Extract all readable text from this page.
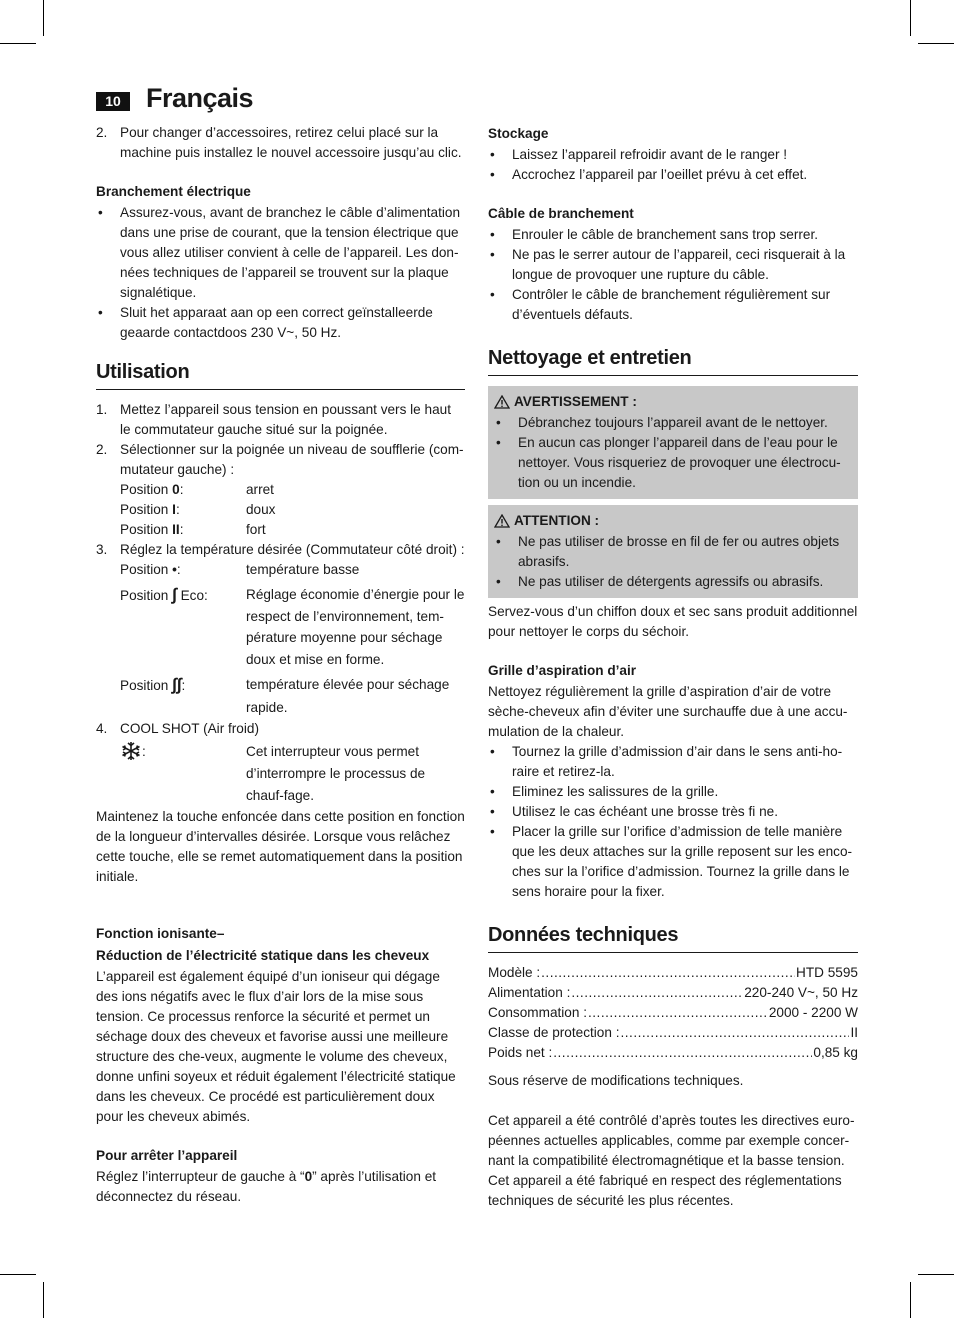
10 Français
2. Pour changer d’accessoires, retirez celui placé sur la machine puis installez le nouvel accessoire jusqu’au clic.

Branchement électrique

• Assurez-vous, avant de branchez le câble d’alimentation dans une prise de courant, que la tension électrique que vous allez utiliser convient à celle de l’appareil. Les don-nées techniques de l’appareil se trouvent sur la plaque signalétique.
• Sluit het apparaat aan op een correct geïnstalleerde geaarde contactdoos 230 V~, 50 Hz.
Utilisation
1. Mettez l’appareil sous tension en poussant vers le haut le commutateur gauche situé sur la poignée.
2. Sélectionner sur la poignée un niveau de soufflerie (com-mutateur gauche) :
Position 0:	arret
Position I:	doux
Position II:	fort
3. Réglez la température désirée (Commutateur côté droit) :
Position •:	température basse
Position ∫ Eco:	Réglage économie d’énergie pour le respect de l’environnement, tem-pérature moyenne pour séchage doux et mise en forme.
Position ∫∫:	température élevée pour séchage rapide.
4. COOL SHOT (Air froid)
:	Cet interrupteur vous permet d’interrompre le processus de chauf-fage.

Maintenez la touche enfoncée dans cette position en fonction de la longueur d’intervalles désirée. Lorsque vous relâchez cette touche, elle se remet automatiquement dans la position initiale.

Fonction ionisante–

Réduction de l’électricité statique dans les cheveux

L’appareil est également équipé d’un ioniseur qui dégage des ions négatifs avec le flux d’air lors de la mise sous tension. Ce processus renforce la sécurité et permet un séchage doux des cheveux et favorise aussi une meilleure structure des che-veux, augmente le volume des cheveux, donne unfini soyeux et réduit également l’électricité statique dans les cheveux. Ce procédé est particulièrement doux pour les cheveux abimés.

Pour arrêter l’appareil

Réglez l’interrupteur de gauche à “0” après l’utilisation et déconnectez du réseau.

Stockage

• Laissez l’appareil refroidir avant de le ranger !
• Accrochez l’appareil par l’oeillet prévu à cet effet.

Câble de branchement

• Enrouler le câble de branchement sans trop serrer.
• Ne pas le serrer autour de l’appareil, ceci risquerait à la longue de provoquer une rupture du câble.
• Contrôler le câble de branchement régulièrement sur d’éventuels défauts.
Nettoyage et entretien
AVERTISSEMENT :
• Débranchez toujours l’appareil avant de le nettoyer.
• En aucun cas plonger l’appareil dans de l’eau pour le nettoyer. Vous risqueriez de provoquer une électrocu-tion ou un incendie.
ATTENTION :
• Ne pas utiliser de brosse en fil de fer ou autres objets abrasifs.
• Ne pas utiliser de détergents agressifs ou abrasifs.

Servez-vous d’un chiffon doux et sec sans produit additionnel pour nettoyer le corps du séchoir.

Grille d’aspiration d’air

Nettoyez régulièrement la grille d’aspiration d’air de votre sèche-cheveux afin d’éviter une surchauffe due à une accu-mulation de la chaleur.

• Tournez la grille d’admission d’air dans le sens anti-ho-raire et retirez-la.
• Eliminez les salissures de la grille.
• Utilisez le cas échéant une brosse très fi ne.
• Placer la grille sur l’orifice d’admission de telle manière que les deux attaches sur la grille reposent sur les enco-ches sur la l’orifice d’admission. Tournez la grille dans le sens horaire pour la fixer.
Données techniques
Modèle : .....	HTD 5595
Alimentation : .....	220-240 V~, 50 Hz
Consommation : .....	2000 - 2200 W
Classe de protection : .....	II
Poids net : .....	0,85 kg

Sous réserve de modifications techniques.

Cet appareil a été contrôlé d’après toutes les directives euro-péennes actuelles applicables, comme par exemple concer-nant la compatibilité électromagnétique et la basse tension. Cet appareil a été fabriqué en respect des réglementations techniques de sécurité les plus récentes.
